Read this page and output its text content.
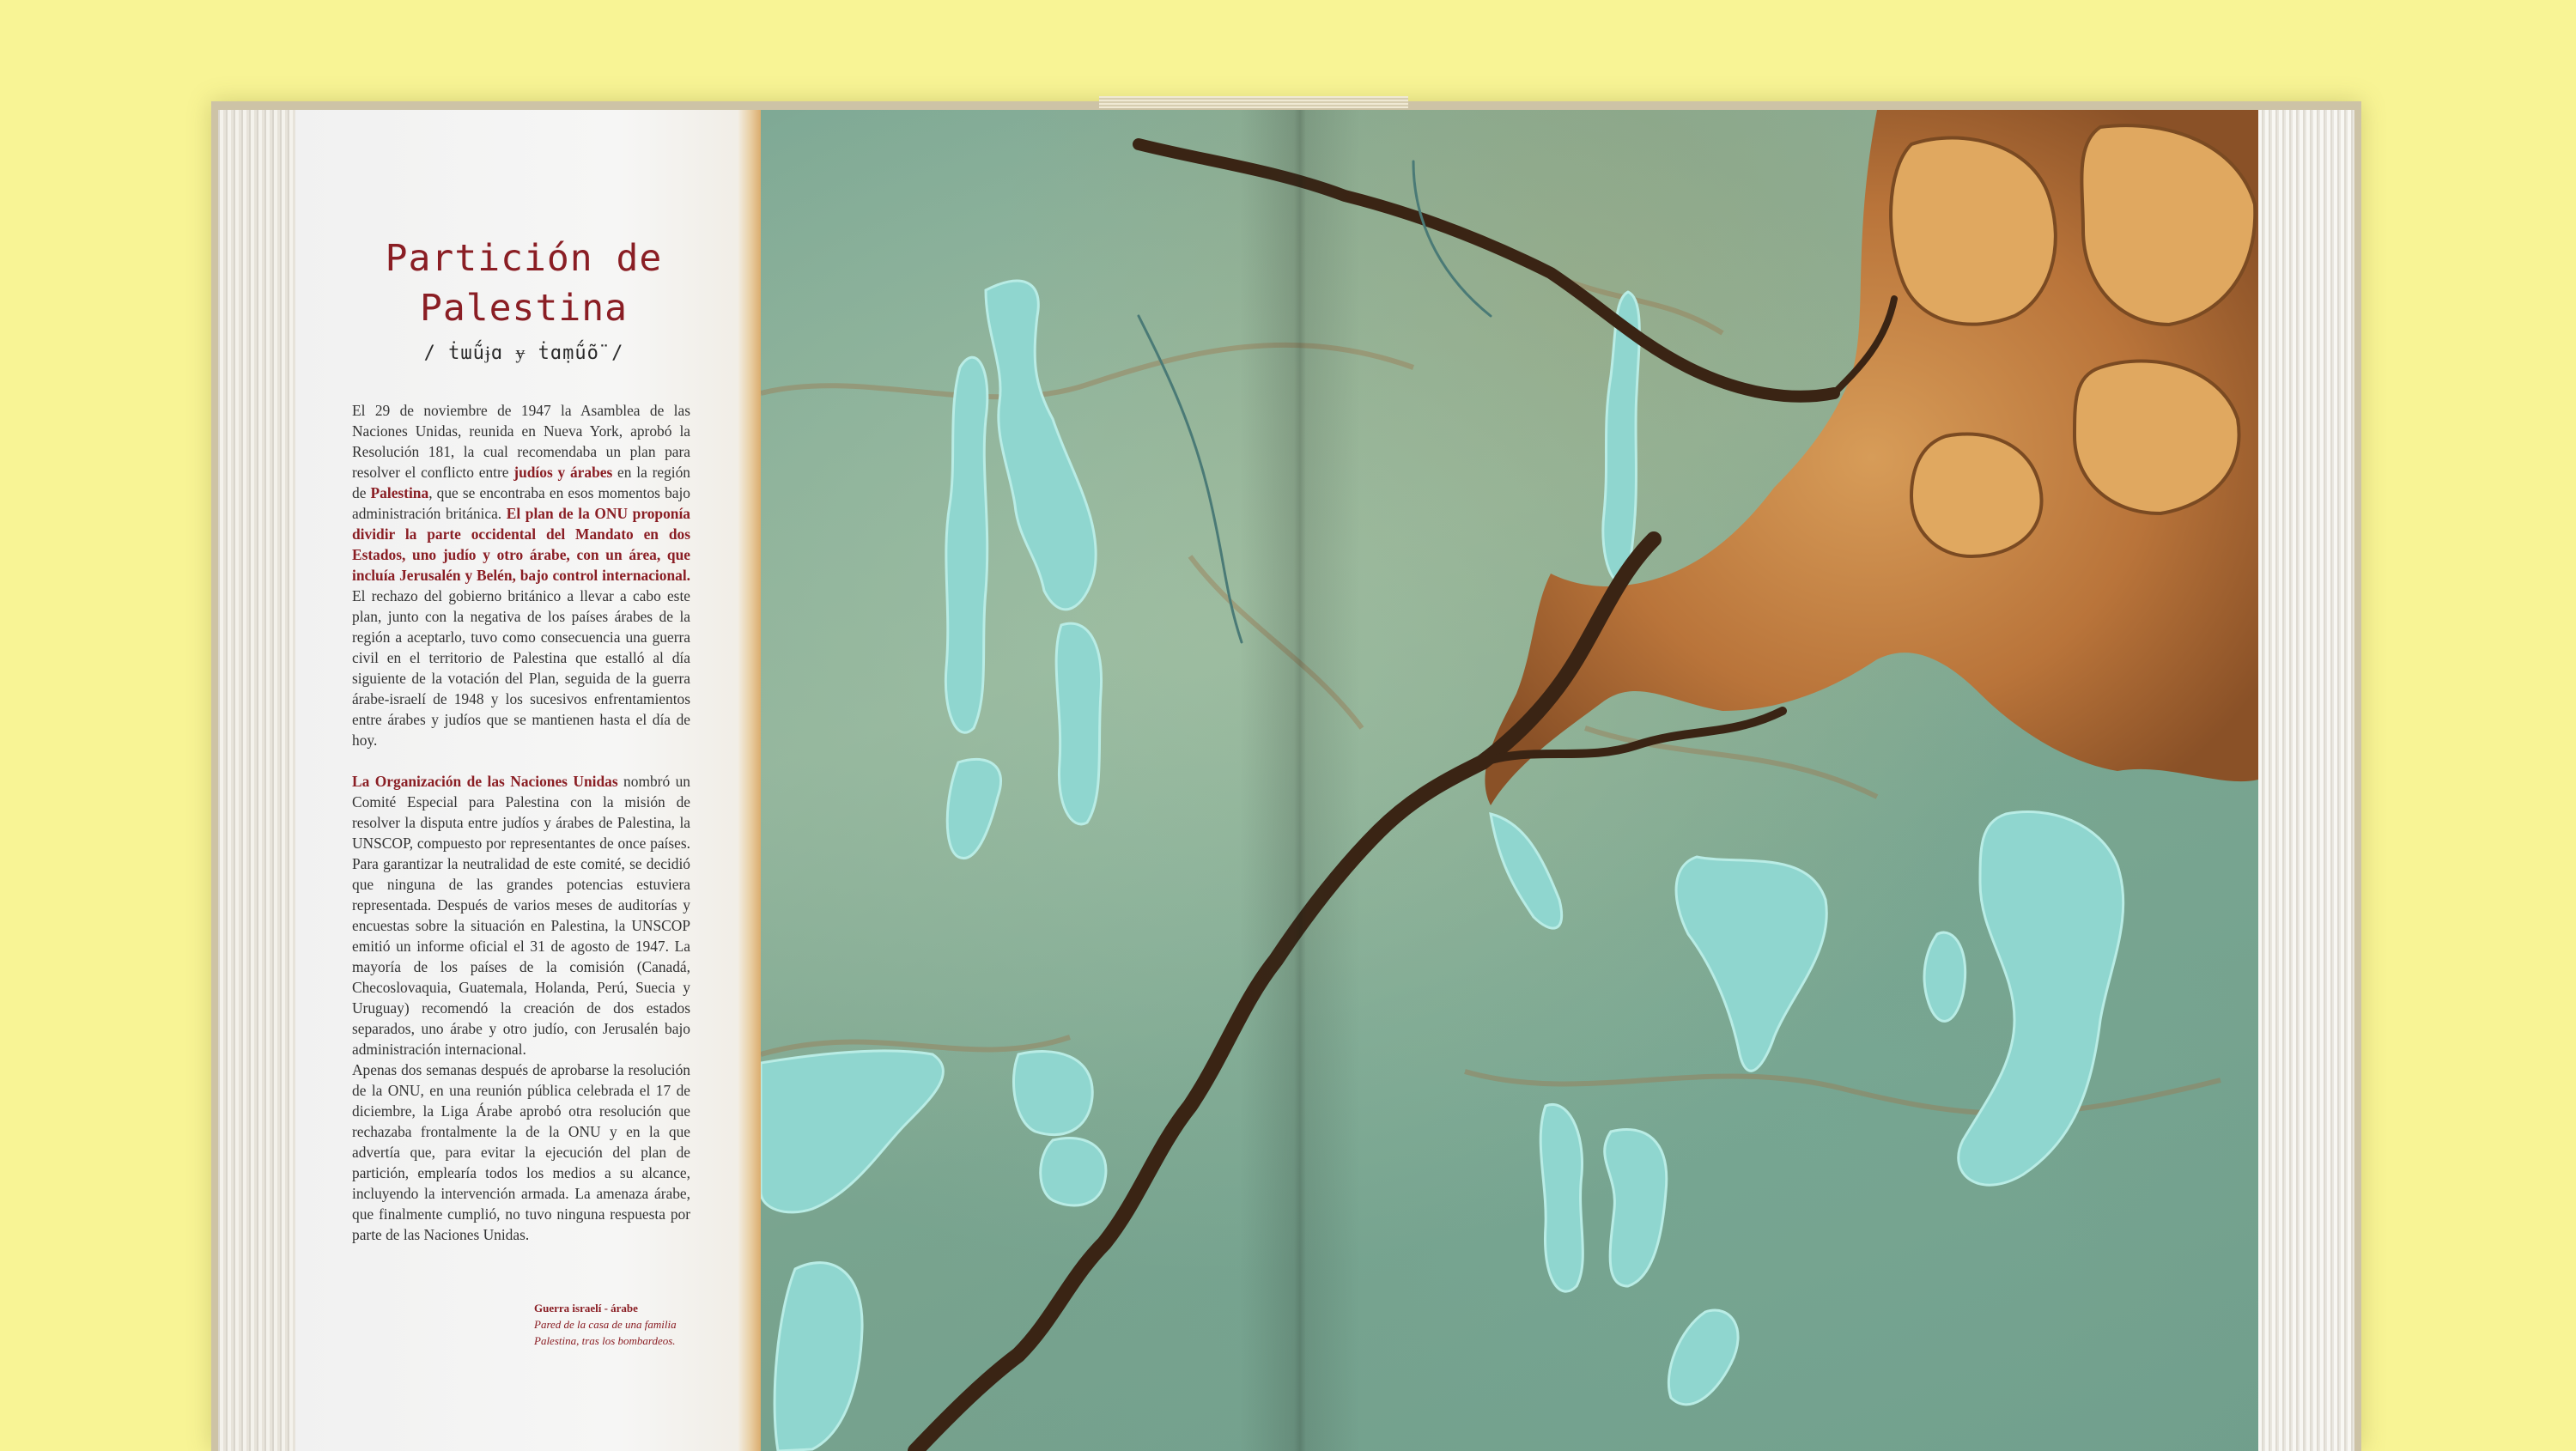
Partición de
Palestina
/ ṫɯṹɉɑ ɏ ṫɑṃṹṏ /

El 29 de noviembre de 1947 la Asamblea de las Naciones Unidas, reunida en Nueva York, aprobó la Resolución 181, la cual recomendaba un plan para resolver el conflicto entre judíos y árabes en la región de Palestina, que se encontraba en esos momentos bajo administración británica. El plan de la ONU proponía dividir la parte occidental del Mandato en dos Estados, uno judío y otro árabe, con un área, que incluía Jerusalén y Belén, bajo control internacional. El rechazo del gobierno británico a llevar a cabo este plan, junto con la negativa de los países árabes de la región a aceptarlo, tuvo como consecuencia una guerra civil en el territorio de Palestina que estalló al día siguiente de la votación del Plan, seguida de la guerra árabe-israelí de 1948 y los sucesivos enfrentamientos entre árabes y judíos que se mantienen hasta el día de hoy.

La Organización de las Naciones Unidas nombró un Comité Especial para Palestina con la misión de resolver la disputa entre judíos y árabes de Palestina, la UNSCOP, compuesto por representantes de once países. Para garantizar la neutralidad de este comité, se decidió que ninguna de las grandes potencias estuviera representada. Después de varios meses de auditorías y encuestas sobre la situación en Palestina, la UNSCOP emitió un informe oficial el 31 de agosto de 1947. La mayoría de los países de la comisión (Canadá, Checoslovaquia, Guatemala, Holanda, Perú, Suecia y Uruguay) recomendó la creación de dos estados separados, uno árabe y otro judío, con Jerusalén bajo administración internacional.

Apenas dos semanas después de aprobarse la resolución de la ONU, en una reunión pública celebrada el 17 de diciembre, la Liga Árabe aprobó otra resolución que rechazaba frontalmente la de la ONU y en la que advertía que, para evitar la ejecución del plan de partición, emplearía todos los medios a su alcance, incluyendo la intervención armada. La amenaza árabe, que finalmente cumplió, no tuvo ninguna respuesta por parte de las Naciones Unidas.

Guerra israelí - árabe
Pared de la casa de una familia Palestina, tras los bombardeos.
